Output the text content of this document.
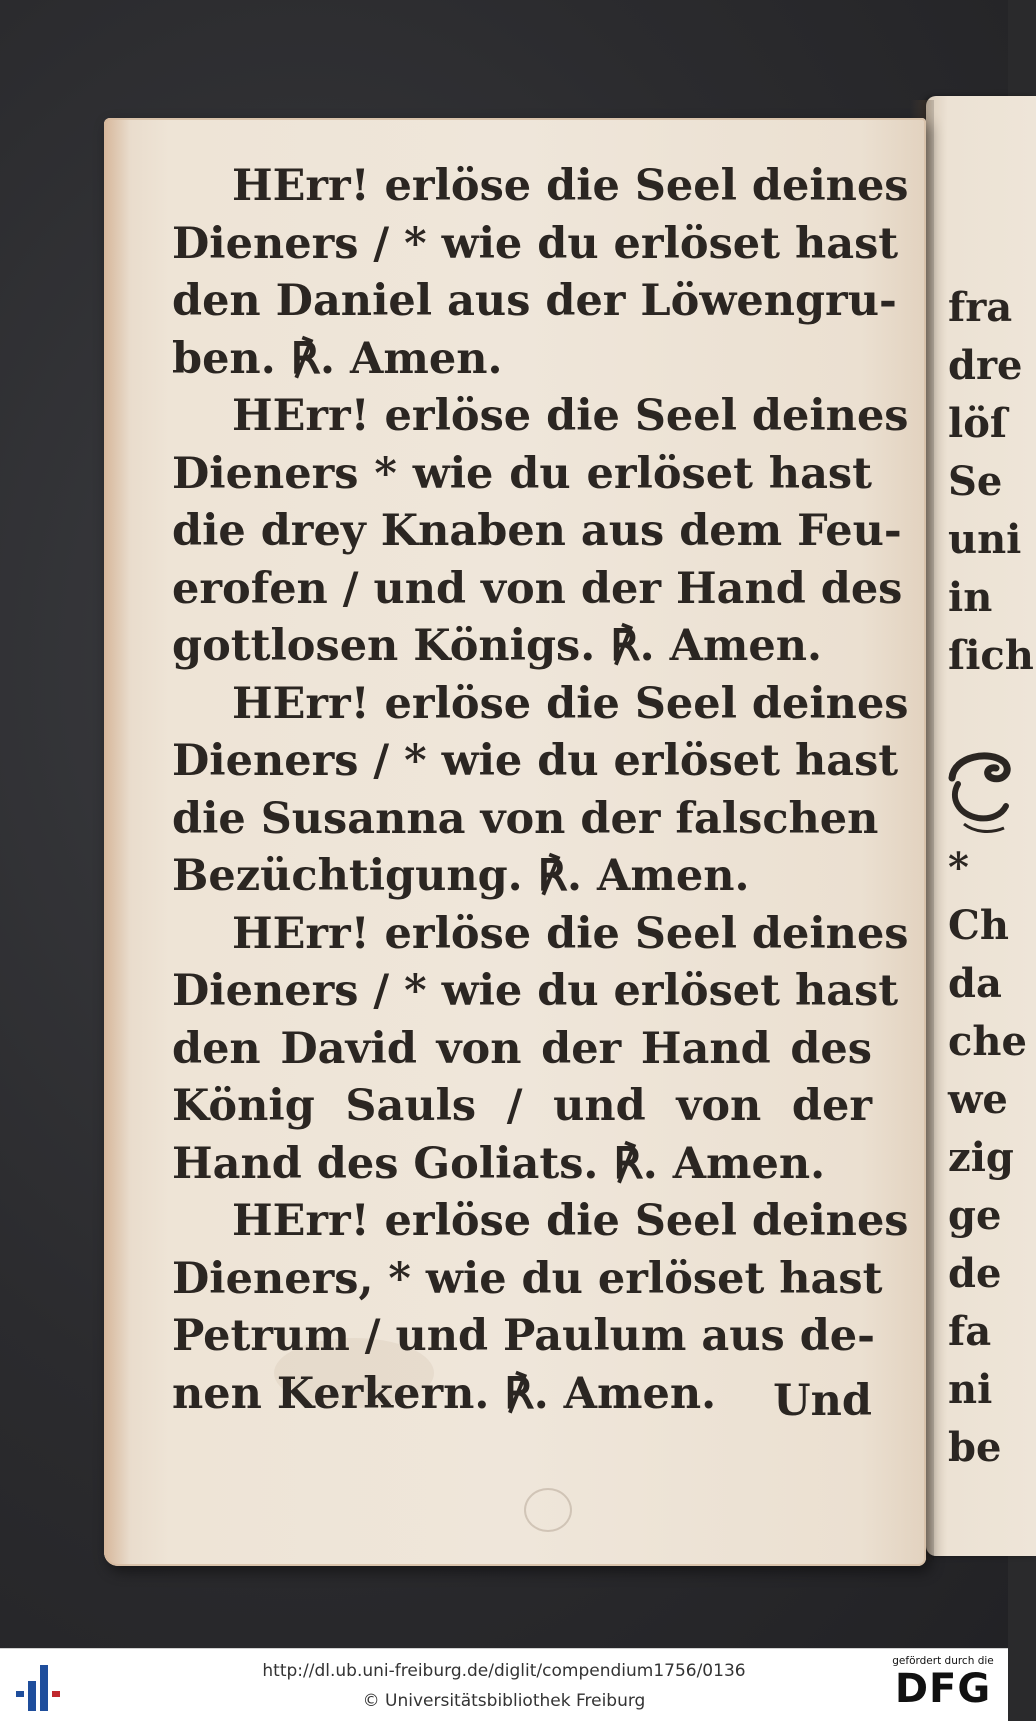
fra
dre
löſ
Se
uni
in
ſich
*
Ch
da
che
we
zig
ge
de
fa
ni
be
HErr! erlöse die Seel deines
Dieners / * wie du erlöset hast
den Daniel aus der Löwengru-
ben. ℟. Amen.
HErr! erlöse die Seel deines
Dieners * wie du erlöset hast
die drey Knaben aus dem Feu-
erofen / und von der Hand des
gottlosen Königs. ℟. Amen.
HErr! erlöse die Seel deines
Dieners / * wie du erlöset hast
die Susanna von der falschen
Bezüchtigung. ℟. Amen.
HErr! erlöse die Seel deines
Dieners / * wie du erlöset hast
den David von der Hand des
König Sauls / und von der
Hand des Goliats. ℟. Amen.
HErr! erlöse die Seel deines
Dieners, * wie du erlöset hast
Petrum / und Paulum aus de-
nen Kerkern. ℟. Amen.	Und
http://dl.ub.uni-freiburg.de/diglit/compendium1756/0136
© Universitätsbibliothek Freiburg
gefördert durch die
DFG
